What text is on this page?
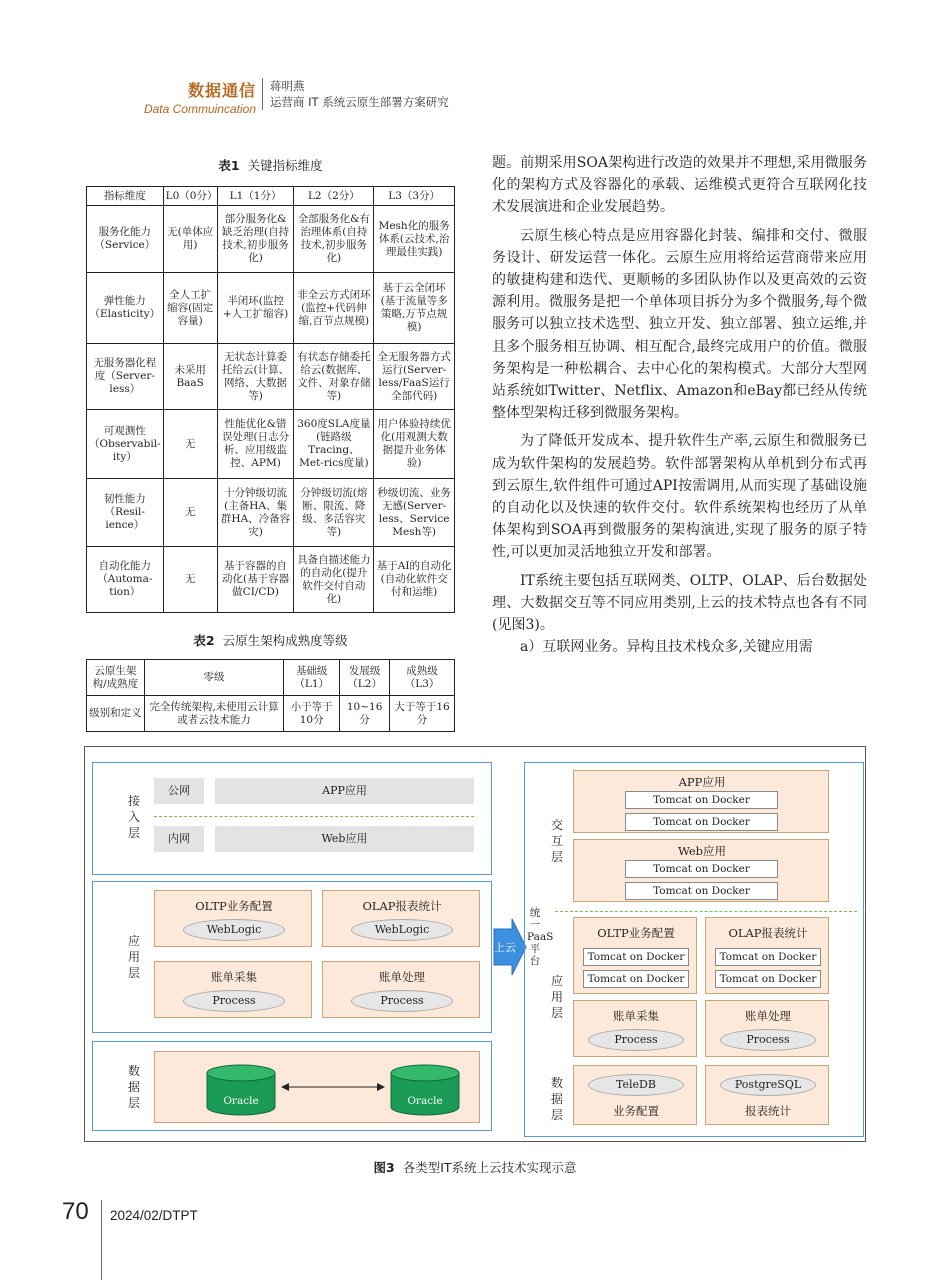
数据通信
Data Commuincation
蒋明燕
运营商 IT 系统云原生部署方案研究
表1 关键指标维度
指标维度	L0（0分）	L1（1分）	L2（2分）	L3（3分）
服务化能力（Service）	无(单体应用)	部分服务化&缺乏治理(自持技术,初步服务化)	全部服务化&有治理体系(自持技术,初步服务化)	Mesh化的服务体系(云技术,治理最佳实践)
弹性能力（Elasticity）	全人工扩缩容(固定容量)	半闭环(监控+人工扩缩容)	非全云方式闭环(监控+代码伸缩,百节点规模)	基于云全闭环(基于流量等多策略,万节点规模)
无服务器化程度（Server-less）	未采用BaaS	无状态计算委托给云(计算、网络、大数据等)	有状态存储委托给云(数据库、文件、对象存储等)	全无服务器方式运行(Server-less/FaaS运行全部代码)
可观测性（Observabil-ity）	无	性能优化&错误处理(日志分析、应用级监控、APM)	360度SLA度量(链路级Tracing、Met-rics度量)	用户体验持续优化(用观测大数据提升业务体验)
韧性能力（Resil-ience）	无	十分钟级切流(主备HA、集群HA、冷备容灾)	分钟级切流(熔断、限流、降级、多活容灾等)	秒级切流、业务无感(Server-less、Service Mesh等)
自动化能力（Automa-tion）	无	基于容器的自动化(基于容器做CI/CD)	具备自描述能力的自动化(提升软件交付自动化)	基于AI的自动化(自动化软件交付和运维)
表2 云原生架构成熟度等级
云原生架构/成熟度	零级	基础级（L1）	发展级（L2）	成熟级（L3）
级别和定义	完全传统架构,未使用云计算或者云技术能力	小于等于10分	10~16分	大于等于16分

题。前期采用SOA架构进行改造的效果并不理想,采用微服务化的架构方式及容器化的承载、运维模式更符合互联网化技术发展演进和企业发展趋势。

云原生核心特点是应用容器化封装、编排和交付、微服务设计、研发运营一体化。云原生应用将给运营商带来应用的敏捷构建和迭代、更顺畅的多团队协作以及更高效的云资源利用。微服务是把一个单体项目拆分为多个微服务,每个微服务可以独立技术选型、独立开发、独立部署、独立运维,并且多个服务相互协调、相互配合,最终完成用户的价值。微服务架构是一种松耦合、去中心化的架构模式。大部分大型网站系统如Twitter、Netflix、Amazon和eBay都已经从传统整体型架构迁移到微服务架构。

为了降低开发成本、提升软件生产率,云原生和微服务已成为软件架构的发展趋势。软件部署架构从单机到分布式再到云原生,软件组件可通过API按需调用,从而实现了基础设施的自动化以及快速的软件交付。软件系统架构也经历了从单体架构到SOA再到微服务的架构演进,实现了服务的原子特性,可以更加灵活地独立开发和部署。

IT系统主要包括互联网类、OLTP、OLAP、后台数据处理、大数据交互等不同应用类别,上云的技术特点也各有不同(见图3)。

a）互联网业务。异构且技术栈众多,关键应用需

接入层
公网	APP应用
内网	Web应用
应用层
OLTP业务配置
WebLogic
OLAP报表统计
WebLogic
账单采集
Process
账单处理
Process
数据层	Oracle	Oracle
上云
统一PaaS平台
交互层
APP应用
Tomcat on Docker
Tomcat on Docker
Web应用
Tomcat on Docker
Tomcat on Docker
应用层
OLTP业务配置
Tomcat on Docker
Tomcat on Docker
OLAP报表统计
Tomcat on Docker
Tomcat on Docker
账单采集
Process
账单处理
Process
数据层
TeleDB
业务配置
PostgreSQL
报表统计
图3 各类型IT系统上云技术实现示意
70 2024/02/DTPT
